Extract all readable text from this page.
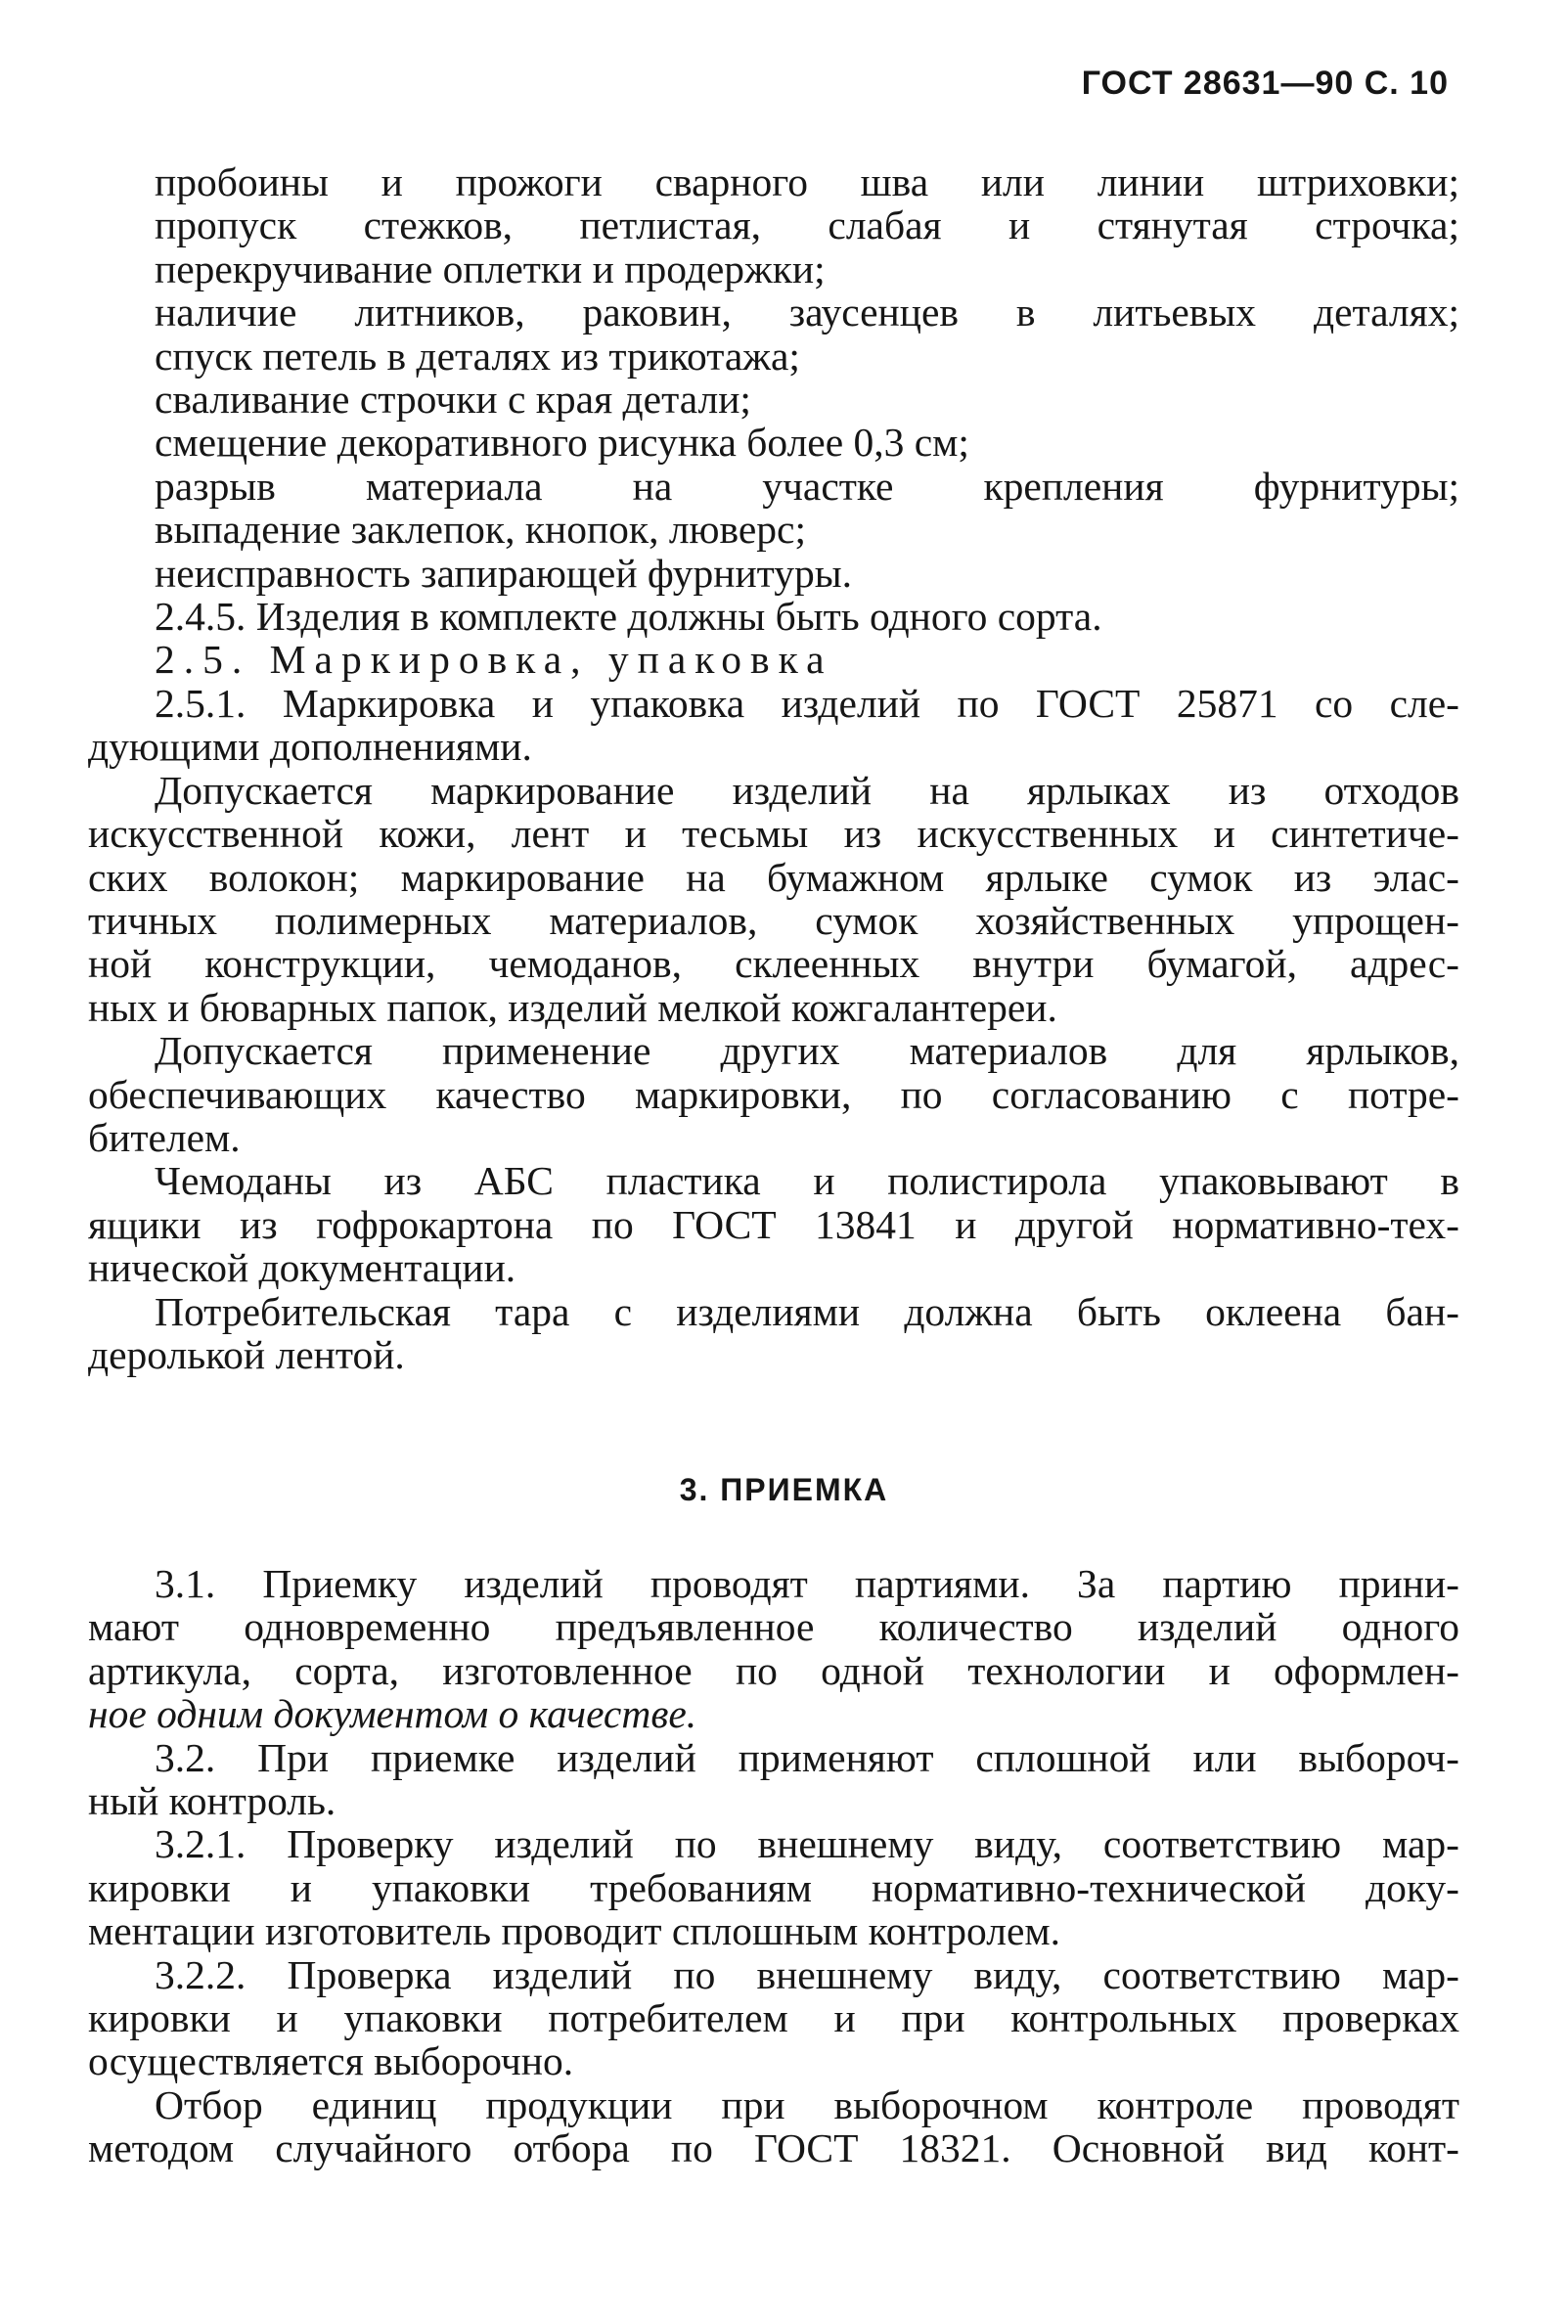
ГОСТ 28631—90 С. 10
пробоины и прожоги сварного шва или линии штриховки;
пропуск стежков, петлистая, слабая и стянутая строчка;
перекручивание оплетки и продержки;
наличие литников, раковин, заусенцев в литьевых деталях;
спуск петель в деталях из трикотажа;
сваливание строчки с края детали;
смещение декоративного рисунка более 0,3 см;
разрыв материала на участке крепления фурнитуры;
выпадение заклепок, кнопок, люверс;
неисправность запирающей фурнитуры.
2.4.5. Изделия в комплекте должны быть одного сорта.
2.5. Маркировка, упаковка
2.5.1. Маркировка и упаковка изделий по ГОСТ 25871 со сле-
дующими дополнениями.
Допускается маркирование изделий на ярлыках из отходов
искусственной кожи, лент и тесьмы из искусственных и синтетиче-
ских волокон; маркирование на бумажном ярлыке сумок из элас-
тичных полимерных материалов, сумок хозяйственных упрощен-
ной конструкции, чемоданов, склеенных внутри бумагой, адрес-
ных и бюварных папок, изделий мелкой кожгалантереи.
Допускается применение других материалов для ярлыков,
обеспечивающих качество маркировки, по согласованию с потре-
бителем.
Чемоданы из АБС пластика и полистирола упаковывают в
ящики из гофрокартона по ГОСТ 13841 и другой нормативно-тех-
нической документации.
Потребительская тара с изделиями должна быть оклеена бан-
деролькой лентой.
3. ПРИЕМКА
3.1. Приемку изделий проводят партиями. За партию прини-
мают одновременно предъявленное количество изделий одного
артикула, сорта, изготовленное по одной технологии и оформлен-
ное одним документом о качестве.
3.2. При приемке изделий применяют сплошной или выбороч-
ный контроль.
3.2.1. Проверку изделий по внешнему виду, соответствию мар-
кировки и упаковки требованиям нормативно-технической доку-
ментации изготовитель проводит сплошным контролем.
3.2.2. Проверка изделий по внешнему виду, соответствию мар-
кировки и упаковки потребителем и при контрольных проверках
осуществляется выборочно.
Отбор единиц продукции при выборочном контроле проводят
методом случайного отбора по ГОСТ 18321. Основной вид конт-
